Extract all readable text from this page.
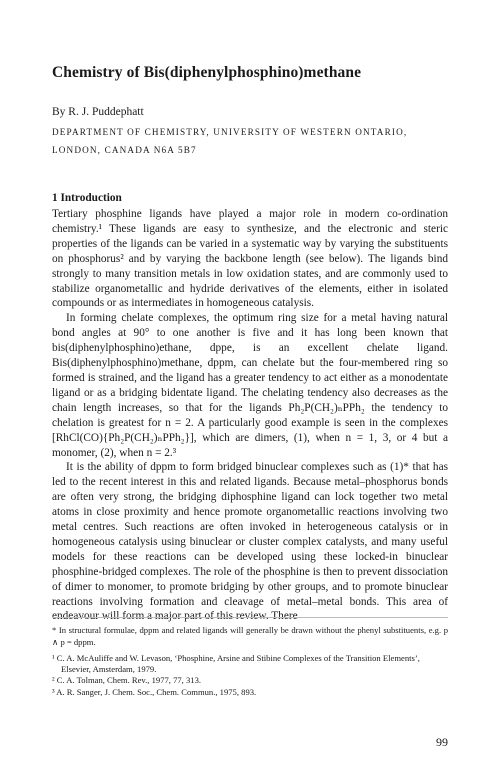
Chemistry of Bis(diphenylphosphino)methane
By R. J. Puddephatt
DEPARTMENT OF CHEMISTRY, UNIVERSITY OF WESTERN ONTARIO,
LONDON, CANADA N6A 5B7
1 Introduction

Tertiary phosphine ligands have played a major role in modern co-ordination chemistry.¹ These ligands are easy to synthesize, and the electronic and steric properties of the ligands can be varied in a systematic way by varying the substituents on phosphorus² and by varying the backbone length (see below). The ligands bind strongly to many transition metals in low oxidation states, and are commonly used to stabilize organometallic and hydride derivatives of the elements, either in isolated compounds or as intermediates in homogeneous catalysis.

In forming chelate complexes, the optimum ring size for a metal having natural bond angles at 90° to one another is five and it has long been known that bis(diphenylphosphino)ethane, dppe, is an excellent chelate ligand. Bis(diphenylphosphino)methane, dppm, can chelate but the four-membered ring so formed is strained, and the ligand has a greater tendency to act either as a monodentate ligand or as a bridging bidentate ligand. The chelating tendency also decreases as the chain length increases, so that for the ligands Ph₂P(CH₂)ₙPPh₂ the tendency to chelation is greatest for n = 2. A particularly good example is seen in the complexes [RhCl(CO){Ph₂P(CH₂)ₙPPh₂}], which are dimers, (1), when n = 1, 3, or 4 but a monomer, (2), when n = 2.³

It is the ability of dppm to form bridged binuclear complexes such as (1)* that has led to the recent interest in this and related ligands. Because metal–phosphorus bonds are often very strong, the bridging diphosphine ligand can lock together two metal atoms in close proximity and hence promote organometallic reactions involving two metal centres. Such reactions are often invoked in heterogeneous catalysis or in homogeneous catalysis using binuclear or cluster complex catalysts, and many useful models for these reactions can be developed using these locked-in binuclear phosphine-bridged complexes. The role of the phosphine is then to prevent dissociation of dimer to monomer, to promote bridging by other groups, and to promote binuclear reactions involving formation and cleavage of metal–metal bonds. This area of endeavour will form a major part of this review. There

* In structural formulae, dppm and related ligands will generally be drawn without the phenyl substituents, e.g. p ∧ p = dppm.
¹ C. A. McAuliffe and W. Levason, ‘Phosphine, Arsine and Stibine Complexes of the Transition Elements’, Elsevier, Amsterdam, 1979.
² C. A. Tolman, Chem. Rev., 1977, 77, 313.
³ A. R. Sanger, J. Chem. Soc., Chem. Commun., 1975, 893.
99
